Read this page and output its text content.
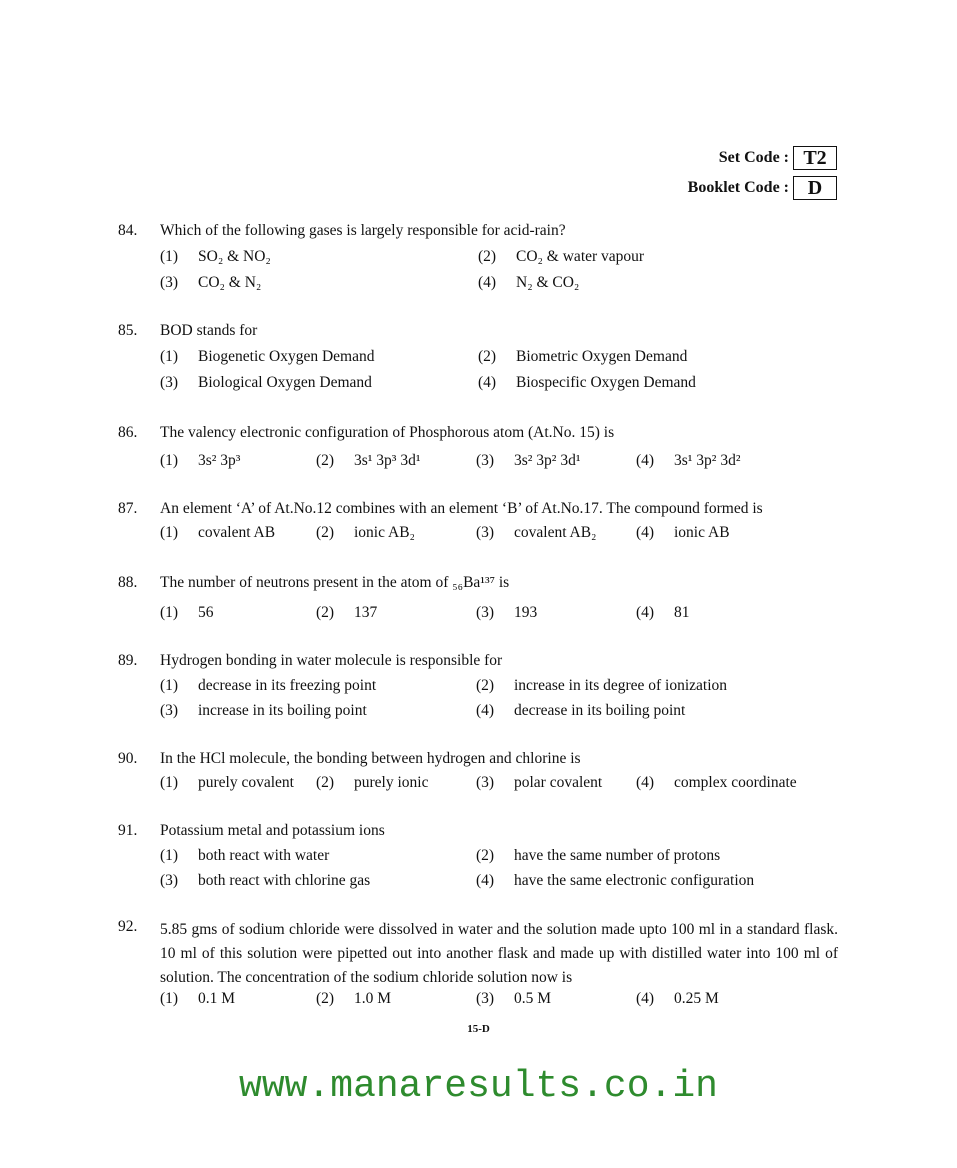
Set Code : T2
Booklet Code : D
84. Which of the following gases is largely responsible for acid-rain?
(1) SO₂ & NO₂	(2) CO₂ & water vapour
(3) CO₂ & N₂	(4) N₂ & CO₂
85. BOD stands for
(1) Biogenetic Oxygen Demand	(2) Biometric Oxygen Demand
(3) Biological Oxygen Demand	(4) Biospecific Oxygen Demand
86. The valency electronic configuration of Phosphorous atom (At.No. 15) is
(1) 3s² 3p³	(2) 3s¹ 3p³ 3d¹	(3) 3s² 3p² 3d¹	(4) 3s¹ 3p² 3d²
87. An element ‘A’ of At.No.12 combines with an element ‘B’ of At.No.17. The compound formed is
(1) covalent AB	(2) ionic AB₂	(3) covalent AB₂	(4) ionic AB
88. The number of neutrons present in the atom of ₅₆Ba¹³⁷ is
(1) 56	(2) 137	(3) 193	(4) 81
89. Hydrogen bonding in water molecule is responsible for
(1) decrease in its freezing point	(2) increase in its degree of ionization
(3) increase in its boiling point	(4) decrease in its boiling point
90. In the HCl molecule, the bonding between hydrogen and chlorine is
(1) purely covalent (2) purely ionic	(3) polar covalent (4) complex coordinate
91. Potassium metal and potassium ions
(1) both react with water	(2) have the same number of protons
(3) both react with chlorine gas	(4) have the same electronic configuration
92. 5.85 gms of sodium chloride were dissolved in water and the solution made upto 100 ml in a standard flask. 10 ml of this solution were pipetted out into another flask and made up with distilled water into 100 ml of solution. The concentration of the sodium chloride solution now is
(1) 0.1 M	(2) 1.0 M	(3) 0.5 M	(4) 0.25 M
15-D
www.manaresults.co.in
